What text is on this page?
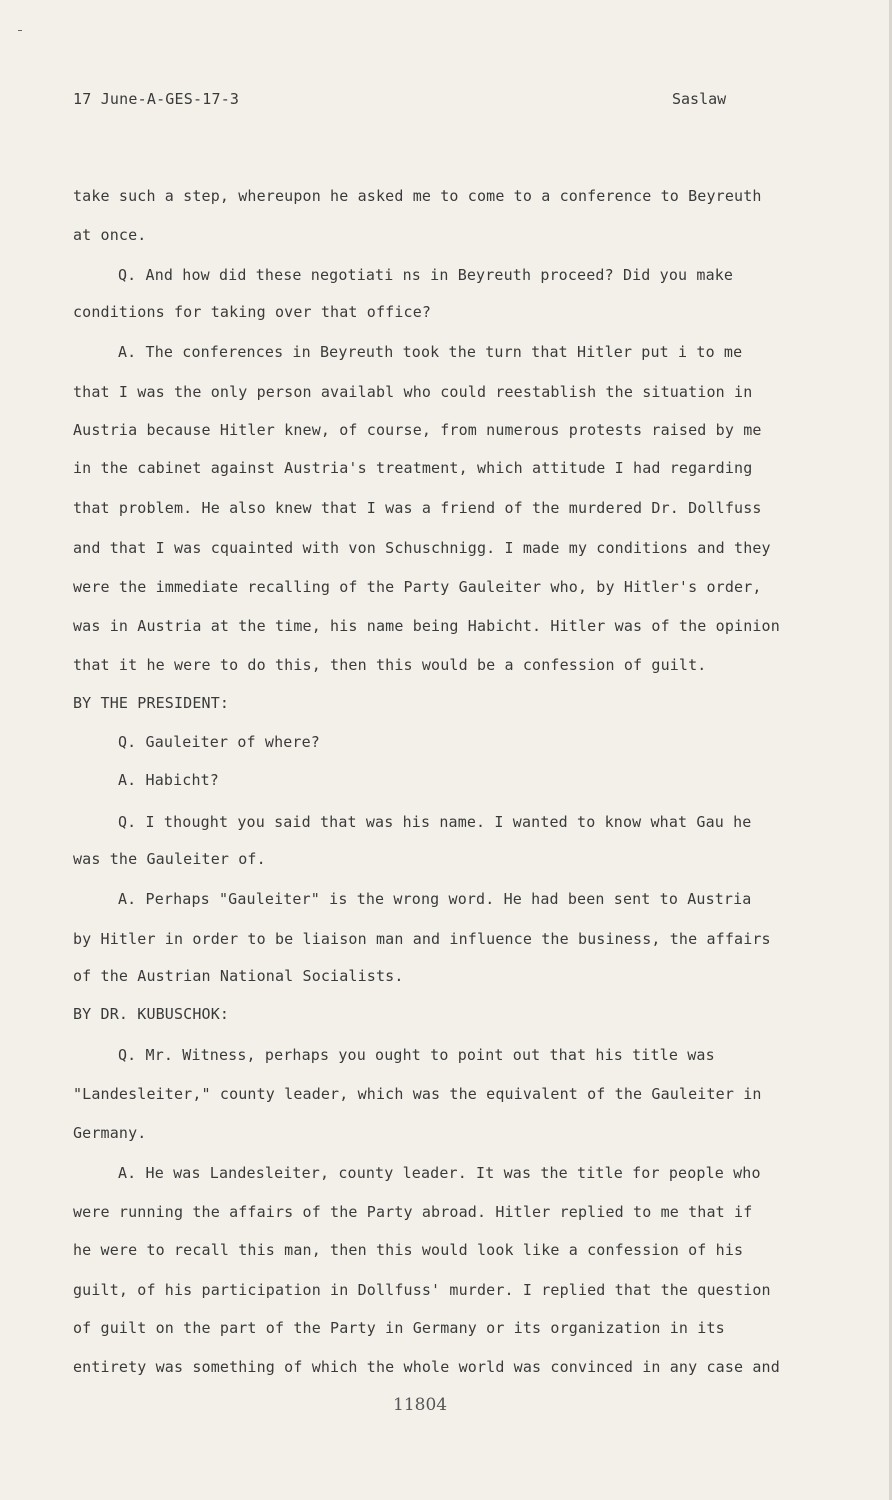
17 June-A-GES-17-3	Saslaw
take such a step, whereupon he asked me to come to a conference to Beyreuth
at once.
Q. And how did these negotiati ns in Beyreuth proceed? Did you make
conditions for taking over that office?
A. The conferences in Beyreuth took the turn that Hitler put i to me
that I was the only person availabl who could reestablish the situation in
Austria because Hitler knew, of course, from numerous protests raised by me
in the cabinet against Austria's treatment, which attitude I had regarding
that problem. He also knew that I was a friend of the murdered Dr. Dollfuss
and that I was cquainted with von Schuschnigg. I made my conditions and they
were the immediate recalling of the Party Gauleiter who, by Hitler's order,
was in Austria at the time, his name being Habicht. Hitler was of the opinion
that it he were to do this, then this would be a confession of guilt.
BY THE PRESIDENT:
Q. Gauleiter of where?
A. Habicht?
Q. I thought you said that was his name. I wanted to know what Gau he
was the Gauleiter of.
A. Perhaps "Gauleiter" is the wrong word. He had been sent to Austria
by Hitler in order to be liaison man and influence the business, the affairs
of the Austrian National Socialists.
BY DR. KUBUSCHOK:
Q. Mr. Witness, perhaps you ought to point out that his title was
"Landesleiter," county leader, which was the equivalent of the Gauleiter in
Germany.
A. He was Landesleiter, county leader. It was the title for people who
were running the affairs of the Party abroad. Hitler replied to me that if
he were to recall this man, then this would look like a confession of his
guilt, of his participation in Dollfuss' murder. I replied that the question
of guilt on the part of the Party in Germany or its organization in its
entirety was something of which the whole world was convinced in any case and
11804
